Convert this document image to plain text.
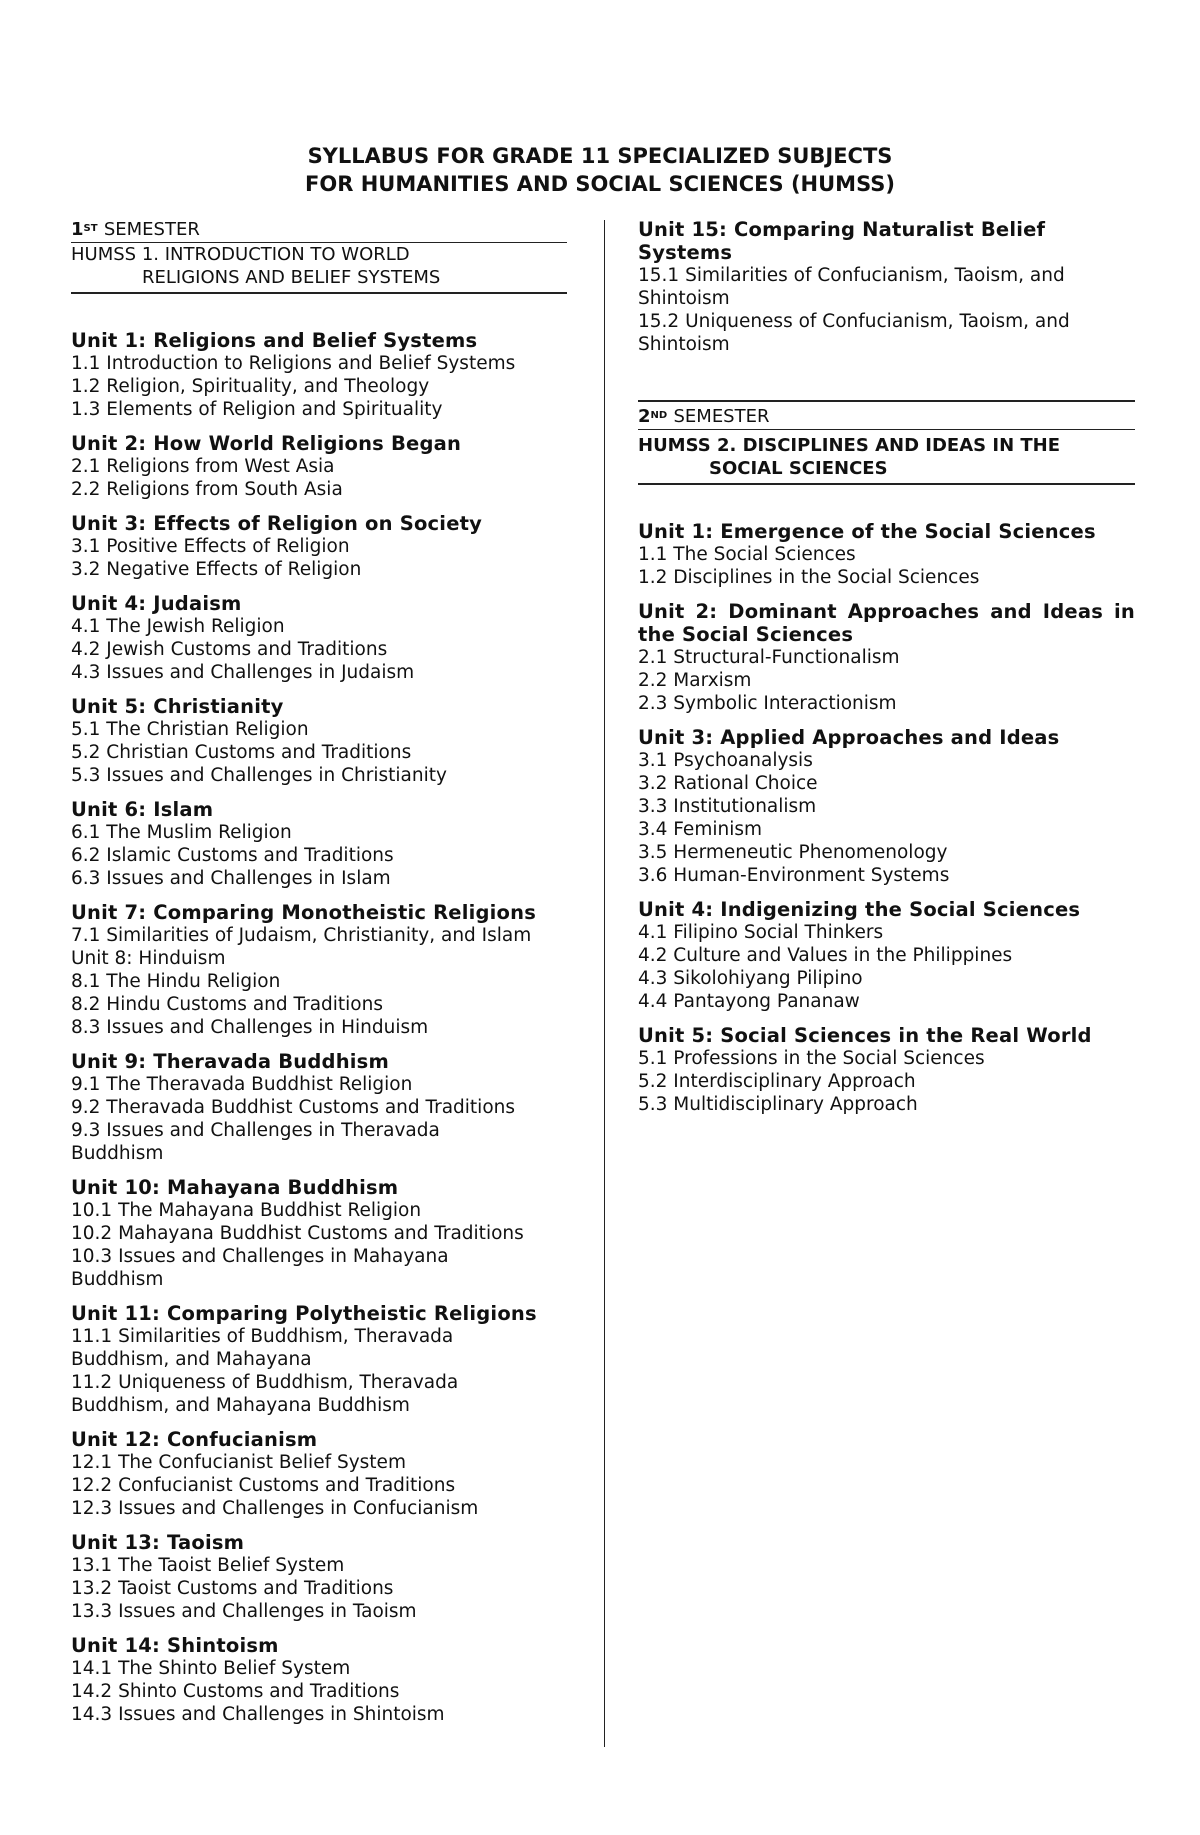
SYLLABUS FOR GRADE 11 SPECIALIZED SUBJECTS
FOR HUMANITIES AND SOCIAL SCIENCES (HUMSS)
1ST SEMESTER
HUMSS 1. INTRODUCTION TO WORLD
RELIGIONS AND BELIEF SYSTEMS
Unit 1: Religions and Belief Systems
1.1 Introduction to Religions and Belief Systems
1.2 Religion, Spirituality, and Theology
1.3 Elements of Religion and Spirituality
Unit 2: How World Religions Began
2.1 Religions from West Asia
2.2 Religions from South Asia
Unit 3: Effects of Religion on Society
3.1 Positive Effects of Religion
3.2 Negative Effects of Religion
Unit 4: Judaism
4.1 The Jewish Religion
4.2 Jewish Customs and Traditions
4.3 Issues and Challenges in Judaism
Unit 5: Christianity
5.1 The Christian Religion
5.2 Christian Customs and Traditions
5.3 Issues and Challenges in Christianity
Unit 6: Islam
6.1 The Muslim Religion
6.2 Islamic Customs and Traditions
6.3 Issues and Challenges in Islam
Unit 7: Comparing Monotheistic Religions
7.1 Similarities of Judaism, Christianity, and Islam
Unit 8: Hinduism
8.1 The Hindu Religion
8.2 Hindu Customs and Traditions
8.3 Issues and Challenges in Hinduism
Unit 9: Theravada Buddhism
9.1 The Theravada Buddhist Religion
9.2 Theravada Buddhist Customs and Traditions
9.3 Issues and Challenges in Theravada
Buddhism
Unit 10: Mahayana Buddhism
10.1 The Mahayana Buddhist Religion
10.2 Mahayana Buddhist Customs and Traditions
10.3 Issues and Challenges in Mahayana
Buddhism
Unit 11: Comparing Polytheistic Religions
11.1 Similarities of Buddhism, Theravada
Buddhism, and Mahayana
11.2 Uniqueness of Buddhism, Theravada
Buddhism, and Mahayana Buddhism
Unit 12: Confucianism
12.1 The Confucianist Belief System
12.2 Confucianist Customs and Traditions
12.3 Issues and Challenges in Confucianism
Unit 13: Taoism
13.1 The Taoist Belief System
13.2 Taoist Customs and Traditions
13.3 Issues and Challenges in Taoism
Unit 14: Shintoism
14.1 The Shinto Belief System
14.2 Shinto Customs and Traditions
14.3 Issues and Challenges in Shintoism
Unit 15: Comparing Naturalist Belief
Systems
15.1 Similarities of Confucianism, Taoism, and
Shintoism
15.2 Uniqueness of Confucianism, Taoism, and
Shintoism
2ND SEMESTER
HUMSS 2. DISCIPLINES AND IDEAS IN THE
SOCIAL SCIENCES
Unit 1: Emergence of the Social Sciences
1.1 The Social Sciences
1.2 Disciplines in the Social Sciences
Unit 2: Dominant Approaches and Ideas in the Social Sciences
2.1 Structural-Functionalism
2.2 Marxism
2.3 Symbolic Interactionism
Unit 3: Applied Approaches and Ideas
3.1 Psychoanalysis
3.2 Rational Choice
3.3 Institutionalism
3.4 Feminism
3.5 Hermeneutic Phenomenology
3.6 Human-Environment Systems
Unit 4: Indigenizing the Social Sciences
4.1 Filipino Social Thinkers
4.2 Culture and Values in the Philippines
4.3 Sikolohiyang Pilipino
4.4 Pantayong Pananaw
Unit 5: Social Sciences in the Real World
5.1 Professions in the Social Sciences
5.2 Interdisciplinary Approach
5.3 Multidisciplinary Approach
